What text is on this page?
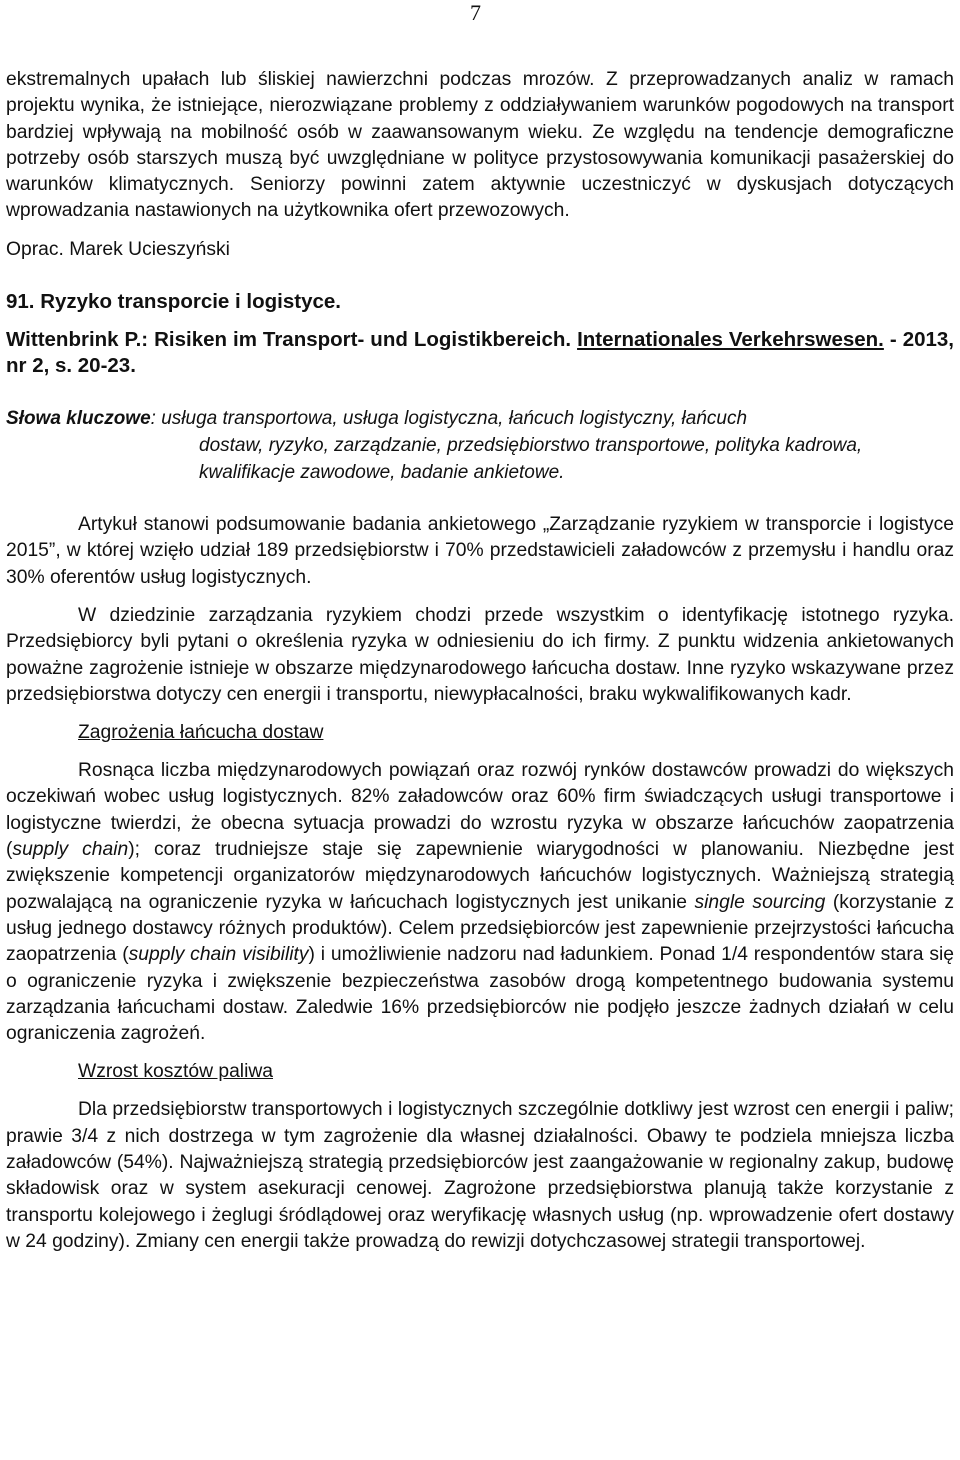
7

ekstremalnych upałach lub śliskiej nawierzchni podczas mrozów. Z przeprowadzanych analiz w ramach projektu wynika, że istniejące, nierozwiązane problemy z oddziaływaniem warunków pogodowych na transport bardziej wpływają na mobilność osób w zaawansowanym wieku. Ze względu na tendencje demograficzne potrzeby osób starszych muszą być uwzględniane w polityce przystosowywania komunikacji pasażerskiej do warunków klimatycznych. Seniorzy powinni zatem aktywnie uczestniczyć w dyskusjach dotyczących wprowadzania nastawionych na użytkownika ofert przewozowych.

Oprac. Marek Ucieszyński

91. Ryzyko transporcie i logistyce.
Wittenbrink P.: Risiken im Transport- und Logistikbereich. Internationales Verkehrswesen. - 2013, nr 2, s. 20-23.
Słowa kluczowe: usługa transportowa, usługa logistyczna, łańcuch logistyczny, łańcuch
dostaw, ryzyko, zarządzanie, przedsiębiorstwo transportowe, polityka kadrowa, kwalifikacje zawodowe, badanie ankietowe.

Artykuł stanowi podsumowanie badania ankietowego „Zarządzanie ryzykiem w transporcie i logistyce 2015”, w której wzięło udział 189 przedsiębiorstw i 70% przedstawicieli załadowców z przemysłu i handlu oraz 30% oferentów usług logistycznych.

W dziedzinie zarządzania ryzykiem chodzi przede wszystkim o identyfikację istotnego ryzyka. Przedsiębiorcy byli pytani o określenia ryzyka w odniesieniu do ich firmy. Z punktu widzenia ankietowanych poważne zagrożenie istnieje w obszarze międzynarodowego łańcucha dostaw. Inne ryzyko wskazywane przez przedsiębiorstwa dotyczy cen energii i transportu, niewypłacalności, braku wykwalifikowanych kadr.

Zagrożenia łańcucha dostaw

Rosnąca liczba międzynarodowych powiązań oraz rozwój rynków dostawców prowadzi do większych oczekiwań wobec usług logistycznych. 82% załadowców oraz 60% firm świadczących usługi transportowe i logistyczne twierdzi, że obecna sytuacja prowadzi do wzrostu ryzyka w obszarze łańcuchów zaopatrzenia (supply chain); coraz trudniejsze staje się zapewnienie wiarygodności w planowaniu. Niezbędne jest zwiększenie kompetencji organizatorów międzynarodowych łańcuchów logistycznych. Ważniejszą strategią pozwalającą na ograniczenie ryzyka w łańcuchach logistycznych jest unikanie single sourcing (korzystanie z usług jednego dostawcy różnych produktów). Celem przedsiębiorców jest zapewnienie przejrzystości łańcucha zaopatrzenia (supply chain visibility) i umożliwienie nadzoru nad ładunkiem. Ponad 1/4 respondentów stara się o ograniczenie ryzyka i zwiększenie bezpieczeństwa zasobów drogą kompetentnego budowania systemu zarządzania łańcuchami dostaw. Zaledwie 16% przedsiębiorców nie podjęło jeszcze żadnych działań w celu ograniczenia zagrożeń.

Wzrost kosztów paliwa

Dla przedsiębiorstw transportowych i logistycznych szczególnie dotkliwy jest wzrost cen energii i paliw; prawie 3/4 z nich dostrzega w tym zagrożenie dla własnej działalności. Obawy te podziela mniejsza liczba załadowców (54%). Najważniejszą strategią przedsiębiorców jest zaangażowanie w regionalny zakup, budowę składowisk oraz w system asekuracji cenowej. Zagrożone przedsiębiorstwa planują także korzystanie z transportu kolejowego i żeglugi śródlądowej oraz weryfikację własnych usług (np. wprowadzenie ofert dostawy w 24 godziny). Zmiany cen energii także prowadzą do rewizji dotychczasowej strategii transportowej.
